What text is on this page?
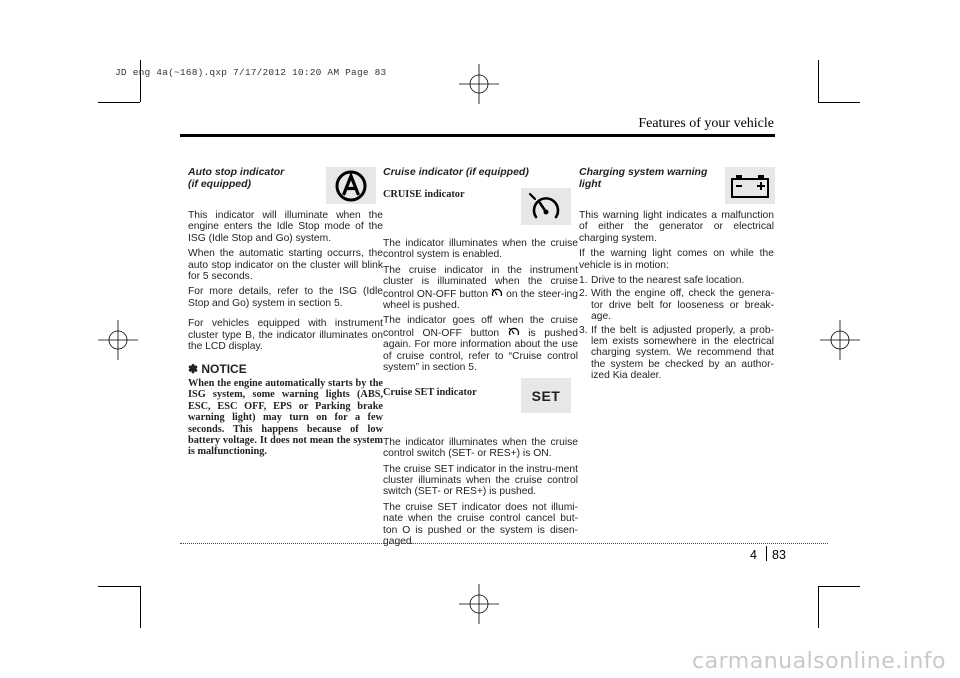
JD eng 4a(~168).qxp 7/17/2012 10:20 AM Page 83
Features of your vehicle

Auto stop indicator
(if equipped)

This indicator will illuminate when the engine enters the Idle Stop mode of the ISG (Idle Stop and Go) system.

When the automatic starting occurrs, the auto stop indicator on the cluster will blink for 5 seconds.

For more details, refer to the ISG (Idle Stop and Go) system in section 5.

For vehicles equipped with instrument cluster type B, the indicator illuminates on the LCD display.

✽ NOTICE

When the engine automatically starts by the ISG system, some warning lights (ABS, ESC, ESC OFF, EPS or Parking brake warning light) may turn on for a few seconds. This happens because of low battery voltage. It does not mean the system is malfunctioning.

Cruise indicator (if equipped)

CRUISE indicator

The indicator illuminates when the cruise control system is enabled.

The cruise indicator in the instrument cluster is illuminated when the cruise control ON-OFF button on the steer-ing wheel is pushed.

The indicator goes off when the cruise control ON-OFF button	is pushed again. For more information about the use of cruise control, refer to “Cruise control system” in section 5.

Cruise SET indicator

The indicator illuminates when the cruise control switch (SET- or RES+) is ON.

The cruise SET indicator in the instru-ment cluster illuminats when the cruise control switch (SET- or RES+) is pushed.

The cruise SET indicator does not illumi-nate when the cruise control cancel but-ton O is pushed or the system is disen-gaged.

SET

Charging system warning
light

This warning light indicates a malfunction of either the generator or electrical charging system.

If the warning light comes on while the vehicle is in motion:

1. Drive to the nearest safe location.
2. With the engine off, check the genera-tor drive belt for looseness or break-age.
3. If the belt is adjusted properly, a prob-lem exists somewhere in the electrical charging system. We recommend that the system be checked by an author-ized Kia dealer.
4 83
carmanualsonline.info
